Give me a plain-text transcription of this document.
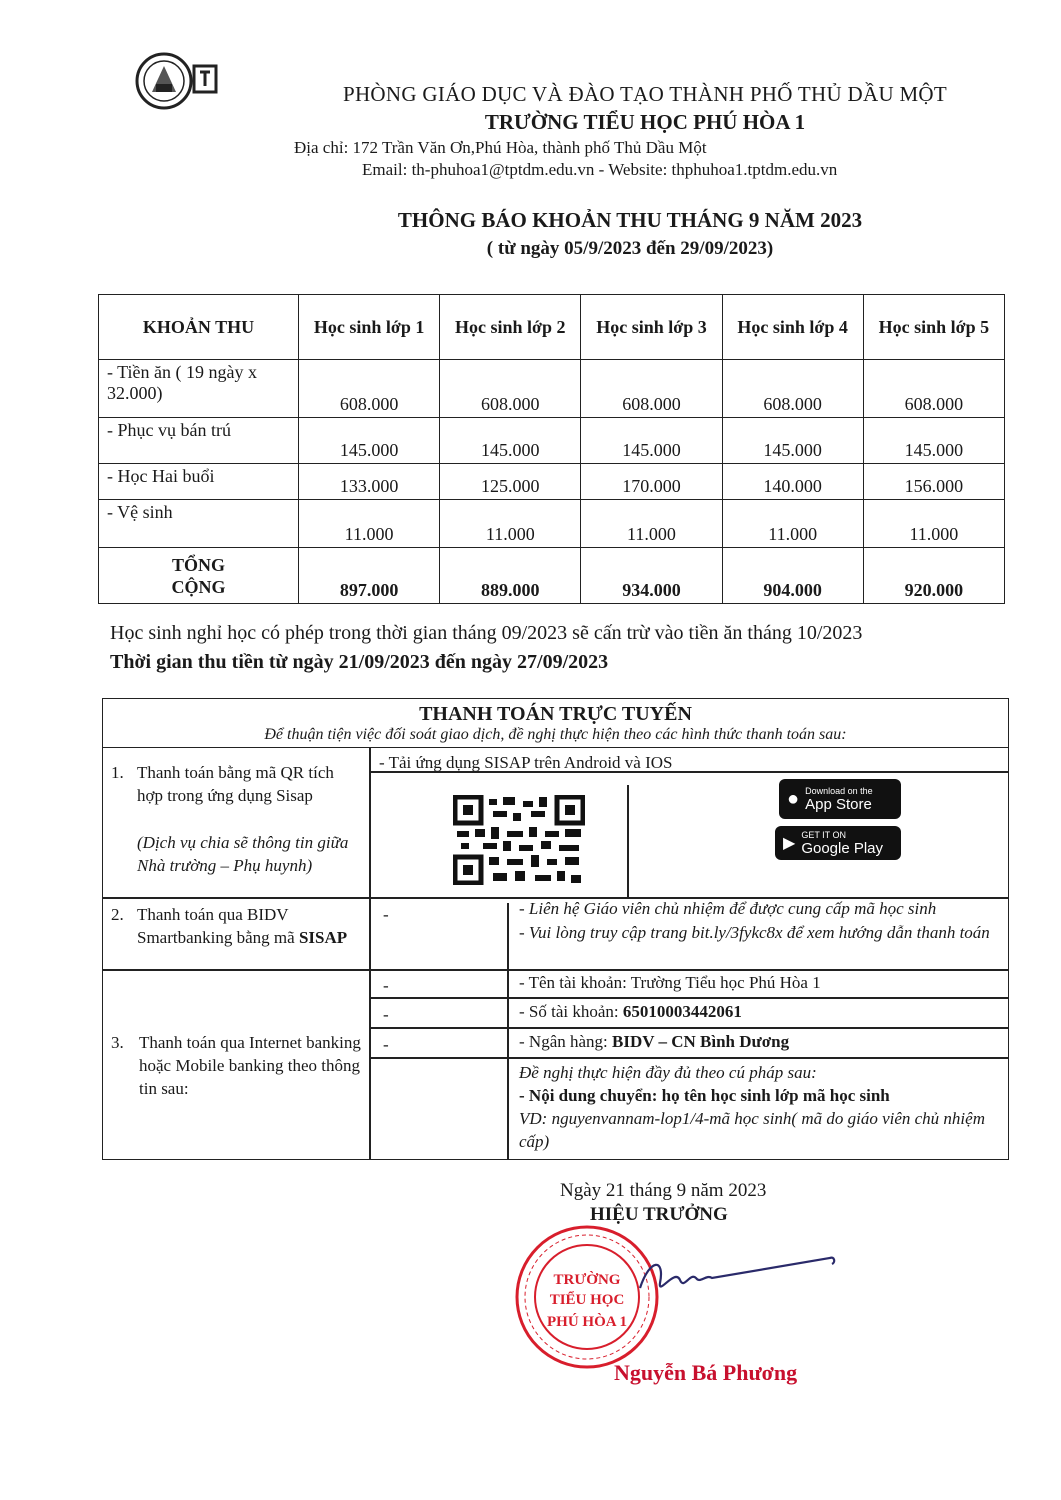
PHÒNG GIÁO DỤC VÀ ĐÀO TẠO THÀNH PHỐ THỦ DẦU MỘT
TRƯỜNG TIỂU HỌC PHÚ HÒA 1
Địa chỉ: 172 Trần Văn Ơn,Phú Hòa, thành phố Thủ Dầu Một
Email: th-phuhoa1@tptdm.edu.vn - Website: thphuhoa1.tptdm.edu.vn
THÔNG BÁO KHOẢN THU THÁNG 9 NĂM 2023
( từ ngày 05/9/2023 đến 29/09/2023)
KHOẢN THU	Học sinh lớp 1	Học sinh lớp 2	Học sinh lớp 3	Học sinh lớp 4	Học sinh lớp 5
- Tiền ăn ( 19 ngày x 32.000)	608.000	608.000	608.000	608.000	608.000
- Phục vụ bán trú	145.000	145.000	145.000	145.000	145.000
- Học Hai buổi	133.000	125.000	170.000	140.000	156.000
- Vệ sinh	11.000	11.000	11.000	11.000	11.000
TỔNG CỘNG	897.000	889.000	934.000	904.000	920.000
Học sinh nghỉ học có phép trong thời gian tháng 09/2023 sẽ cấn trừ vào tiền ăn tháng 10/2023
Thời gian thu tiền từ ngày 21/09/2023 đến ngày 27/09/2023
THANH TOÁN TRỰC TUYẾN
Để thuận tiện việc đối soát giao dịch, đề nghị thực hiện theo các hình thức thanh toán sau:
1. Thanh toán bằng mã QR tích hợp trong ứng dụng Sisap
(Dịch vụ chia sẽ thông tin giữa Nhà trường – Phụ huynh)
- Tải ứng dụng SISAP trên Android và IOS
● Download on the
App Store
▶
GET IT ON
Google Play
2. Thanh toán qua BIDV Smartbanking bằng mã SISAP
-	- Liên hệ Giáo viên chủ nhiệm để được cung cấp mã học sinh
- Vui lòng truy cập trang bit.ly/3fykc8x để xem hướng dẫn thanh toán
3. Thanh toán qua Internet banking hoặc Mobile banking theo thông tin sau:
-
-
-
- Tên tài khoản: Trường Tiểu học Phú Hòa 1
- Số tài khoản: 65010003442061
- Ngân hàng: BIDV – CN Bình Dương
Đề nghị thực hiện đầy đủ theo cú pháp sau:
- Nội dung chuyển: họ tên học sinh lớp mã học sinh
VD: nguyenvannam-lop1/4-mã học sinh( mã do giáo viên chủ nhiệm cấp)
Ngày 21 tháng 9 năm 2023
HIỆU TRƯỞNG
TRƯỜNG
TIỂU HỌC
PHÚ HÒA 1
Nguyễn Bá Phương
